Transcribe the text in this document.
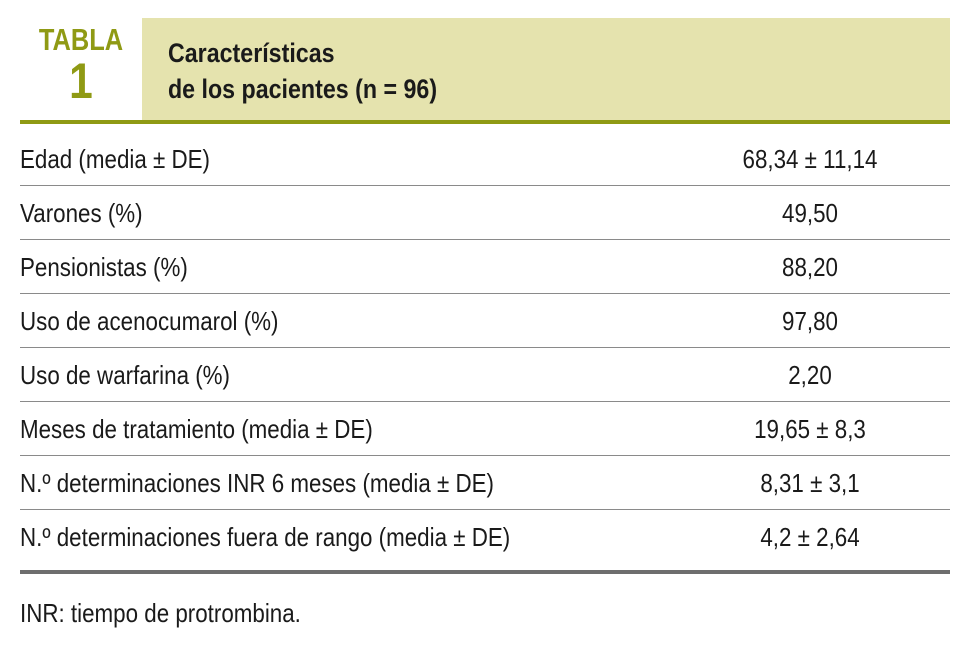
TABLA
1	Características
de los pacientes (n = 96)
Edad (media ± DE)	68,34 ± 11,14
Varones (%)	49,50
Pensionistas (%)	88,20
Uso de acenocumarol (%)	97,80
Uso de warfarina (%)	2,20
Meses de tratamiento (media ± DE)	19,65 ± 8,3
N.º determinaciones INR 6 meses (media ± DE)	8,31 ± 3,1
N.º determinaciones fuera de rango (media ± DE)	4,2 ± 2,64
INR: tiempo de protrombina.
